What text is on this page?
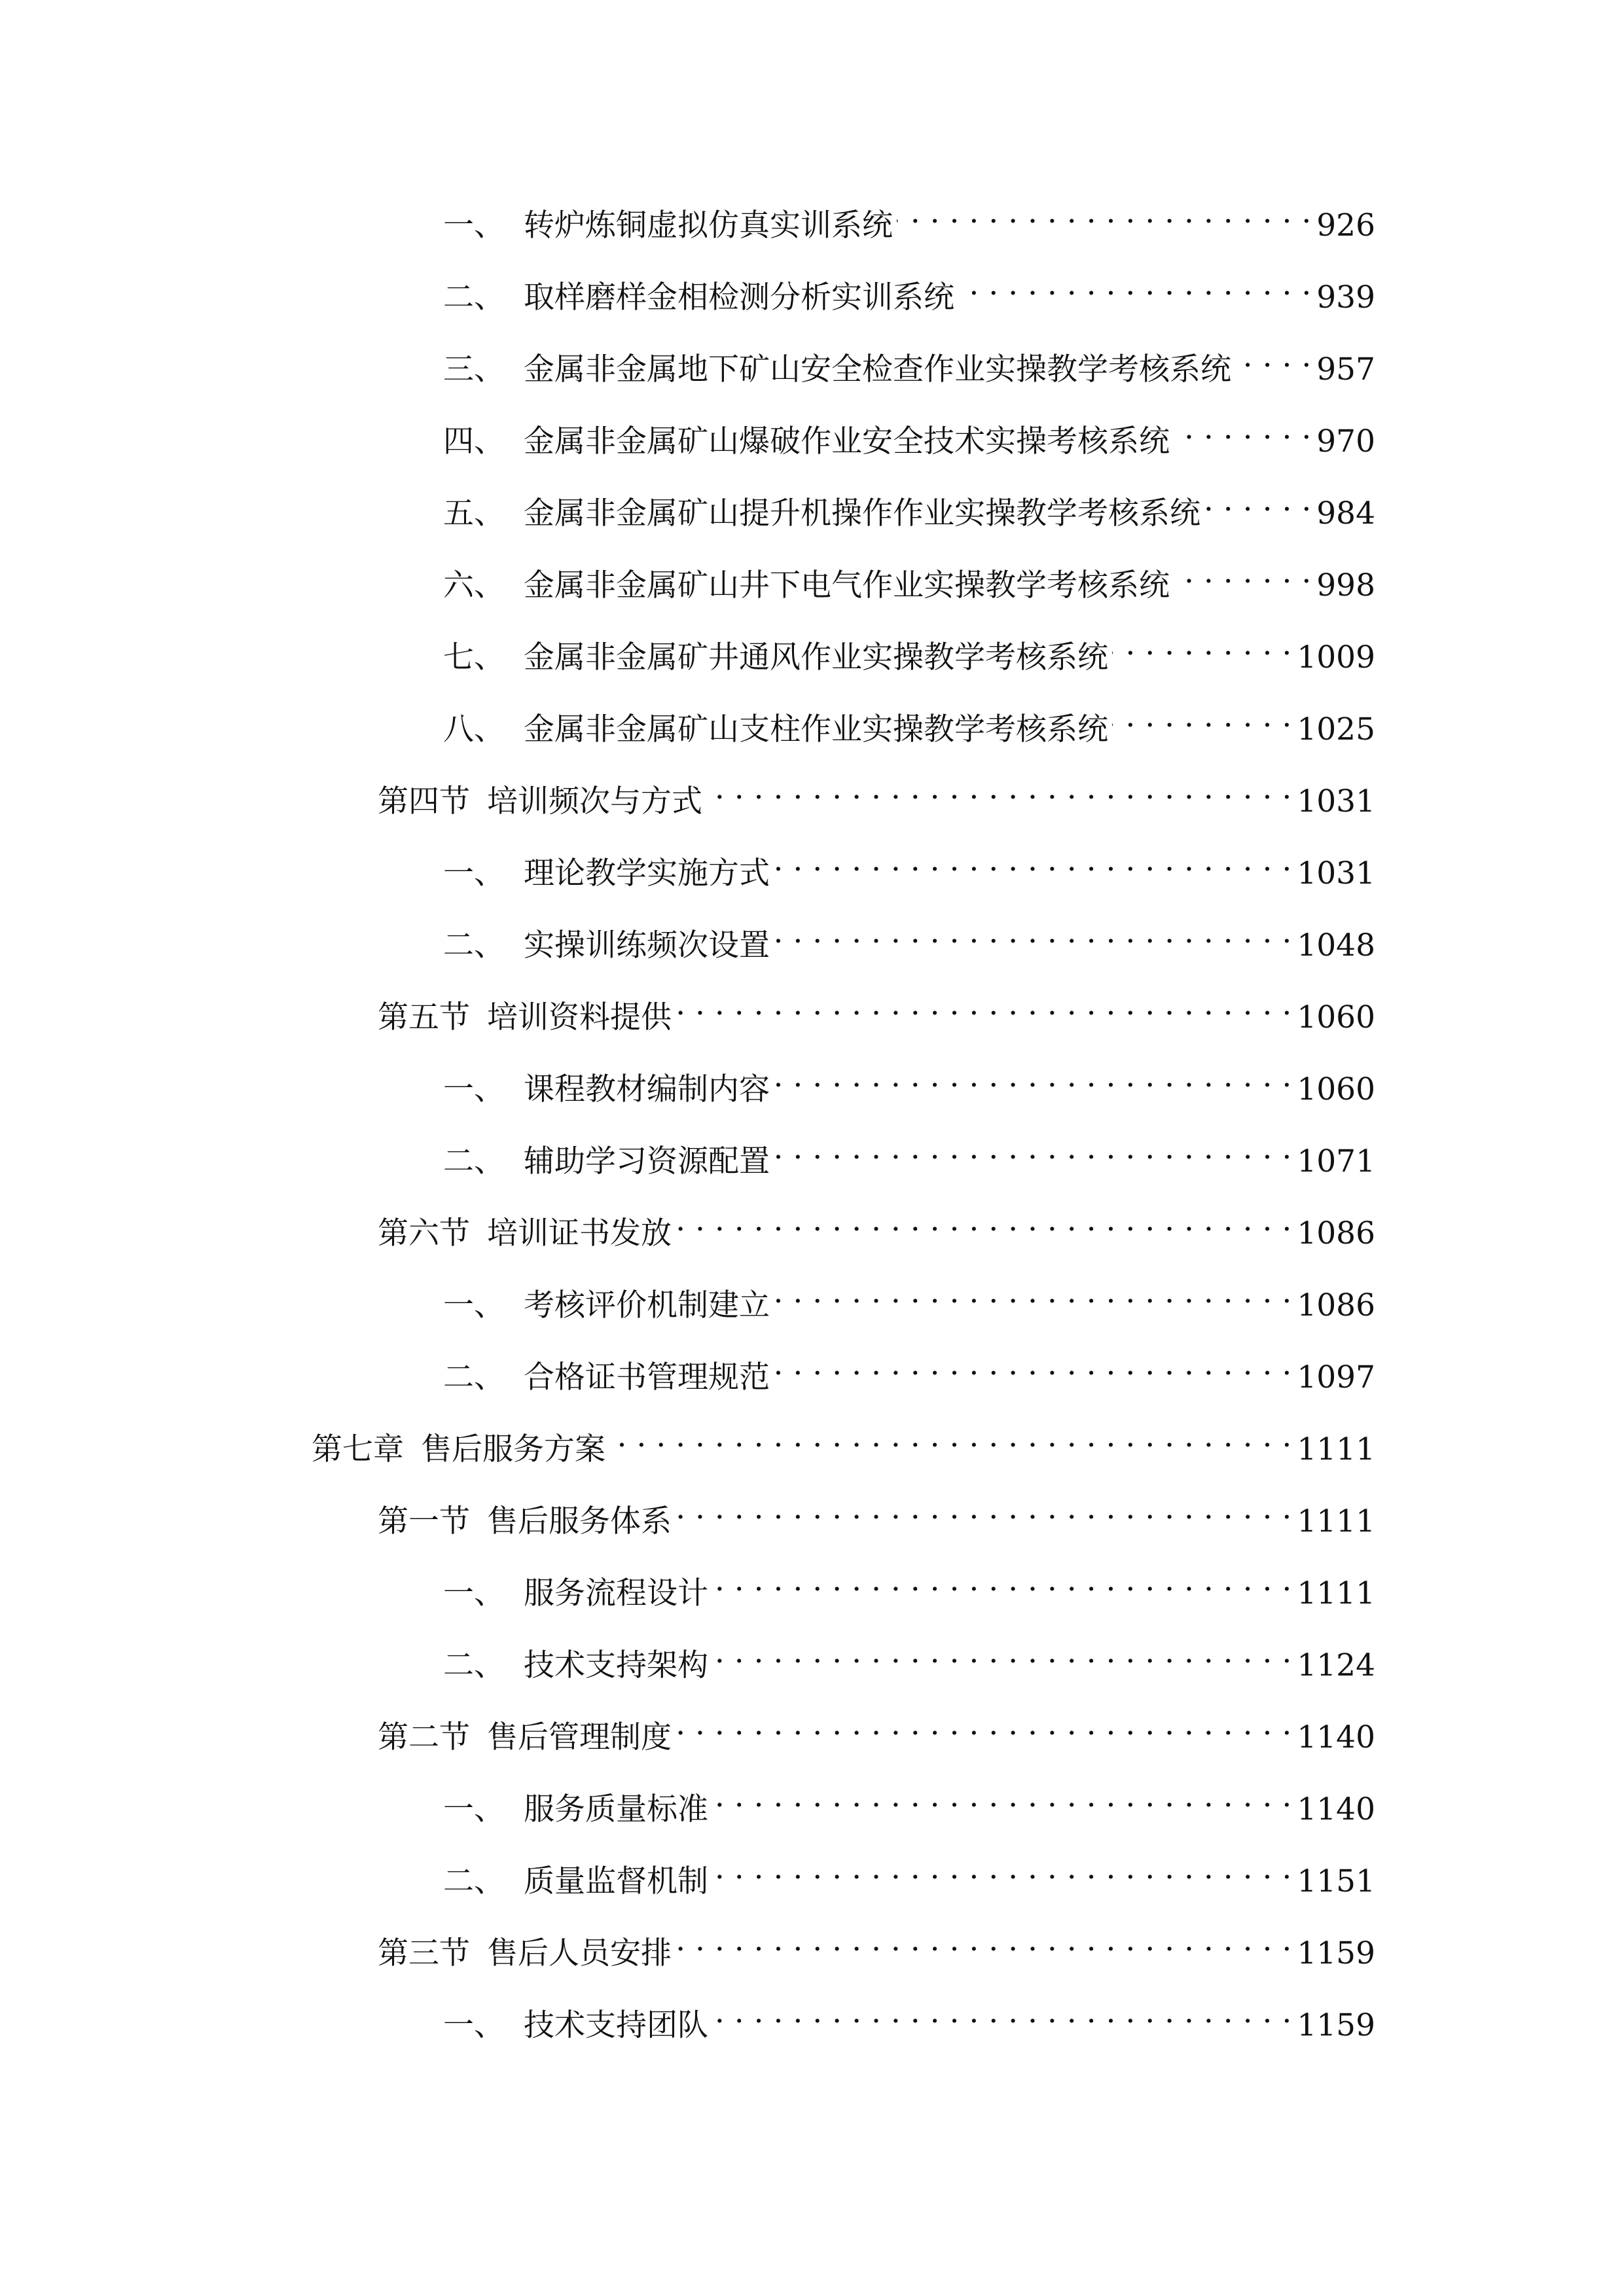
一、 转炉炼铜虚拟仿真实训系统 . . .	926
二、 取样磨样金相检测分析实训系统 . . .	939
三、 金属非金属地下矿山安全检查作业实操教学考核系统 . . .	957
四、 金属非金属矿山爆破作业安全技术实操考核系统 . . .	970
五、 金属非金属矿山提升机操作作业实操教学考核系统 . . .	984
六、 金属非金属矿山井下电气作业实操教学考核系统 . . .	998
七、 金属非金属矿井通风作业实操教学考核系统 . . .	1009
八、 金属非金属矿山支柱作业实操教学考核系统 . . .	1025
第四节 培训频次与方式 . . .	1031
一、 理论教学实施方式 . . .	1031
二、 实操训练频次设置 . . .	1048
第五节 培训资料提供 . . .	1060
一、 课程教材编制内容 . . .	1060
二、 辅助学习资源配置 . . .	1071
第六节 培训证书发放 . . .	1086
一、 考核评价机制建立 . . .	1086
二、 合格证书管理规范 . . .	1097
第七章 售后服务方案 . . .	1111
第一节 售后服务体系 . . .	1111
一、 服务流程设计 . . .	1111
二、 技术支持架构 . . .	1124
第二节 售后管理制度 . . .	1140
一、 服务质量标准 . . .	1140
二、 质量监督机制 . . .	1151
第三节 售后人员安排 . . .	1159
一、 技术支持团队 . . .	1159
